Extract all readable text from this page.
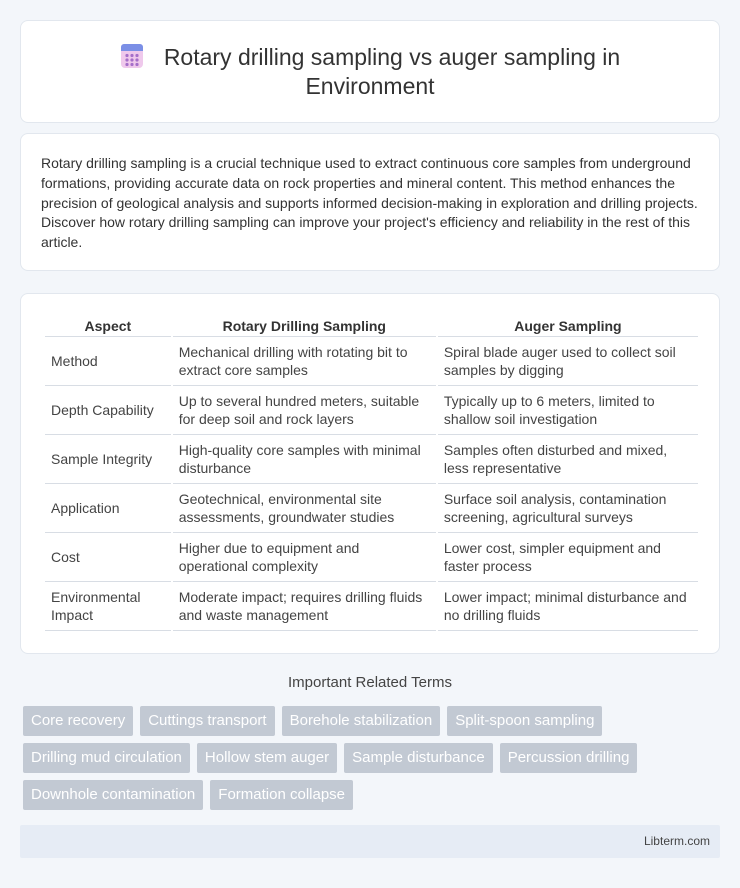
Rotary drilling sampling vs auger sampling in Environment

Rotary drilling sampling is a crucial technique used to extract continuous core samples from underground formations, providing accurate data on rock properties and mineral content. This method enhances the precision of geological analysis and supports informed decision-making in exploration and drilling projects. Discover how rotary drilling sampling can improve your project's efficiency and reliability in the rest of this article.

Aspect	Rotary Drilling Sampling	Auger Sampling
Method	Mechanical drilling with rotating bit to extract core samples	Spiral blade auger used to collect soil samples by digging
Depth Capability	Up to several hundred meters, suitable for deep soil and rock layers	Typically up to 6 meters, limited to shallow soil investigation
Sample Integrity	High-quality core samples with minimal disturbance	Samples often disturbed and mixed, less representative
Application	Geotechnical, environmental site assessments, groundwater studies	Surface soil analysis, contamination screening, agricultural surveys
Cost	Higher due to equipment and operational complexity	Lower cost, simpler equipment and faster process
Environmental Impact	Moderate impact; requires drilling fluids and waste management	Lower impact; minimal disturbance and no drilling fluids
Important Related Terms
Core recovery	Cuttings transport	Borehole stabilization	Split-spoon sampling
Drilling mud circulation	Hollow stem auger	Sample disturbance	Percussion drilling
Downhole contamination	Formation collapse
Libterm.com
